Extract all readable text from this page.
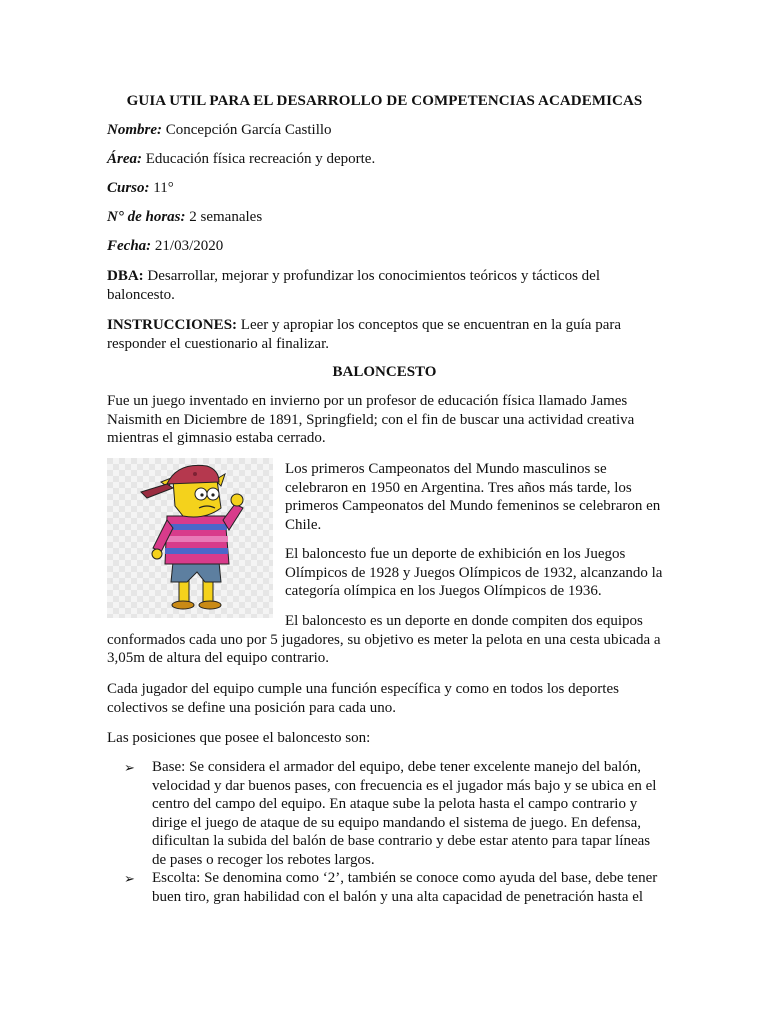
GUIA UTIL PARA EL DESARROLLO DE COMPETENCIAS ACADEMICAS
Nombre: Concepción García Castillo
Área: Educación física recreación y deporte.
Curso: 11°
N° de horas: 2 semanales
Fecha: 21/03/2020
DBA: Desarrollar, mejorar y profundizar los conocimientos teóricos y tácticos del baloncesto.
INSTRUCCIONES: Leer y apropiar los conceptos que se encuentran en la guía para responder el cuestionario al finalizar.
BALONCESTO
Fue un juego inventado en invierno por un profesor de educación física llamado James Naismith en Diciembre de 1891, Springfield; con el fin de buscar una actividad creativa mientras el gimnasio estaba cerrado.
Los primeros Campeonatos del Mundo masculinos se celebraron en 1950 en Argentina. Tres años más tarde, los primeros Campeonatos del Mundo femeninos se celebraron en Chile.
El baloncesto fue un deporte de exhibición en los Juegos Olímpicos de 1928 y Juegos Olímpicos de 1932, alcanzando la categoría olímpica en los Juegos Olímpicos de 1936.
El baloncesto es un deporte en donde compiten dos equipos conformados cada uno por 5 jugadores, su objetivo es meter la pelota en una cesta ubicada a 3,05m de altura del equipo contrario.
Cada jugador del equipo cumple una función específica y como en todos los deportes colectivos se define una posición para cada uno.
Las posiciones que posee el baloncesto son:
➢ Base: Se considera el armador del equipo, debe tener excelente manejo del balón, velocidad y dar buenos pases, con frecuencia es el jugador más bajo y se ubica en el centro del campo del equipo. En ataque sube la pelota hasta el campo contrario y dirige el juego de ataque de su equipo mandando el sistema de juego. En defensa, dificultan la subida del balón de base contrario y debe estar atento para tapar líneas de pases o recoger los rebotes largos.
➢ Escolta: Se denomina como ‘2’, también se conoce como ayuda del base, debe tener buen tiro, gran habilidad con el balón y una alta capacidad de penetración hasta el
